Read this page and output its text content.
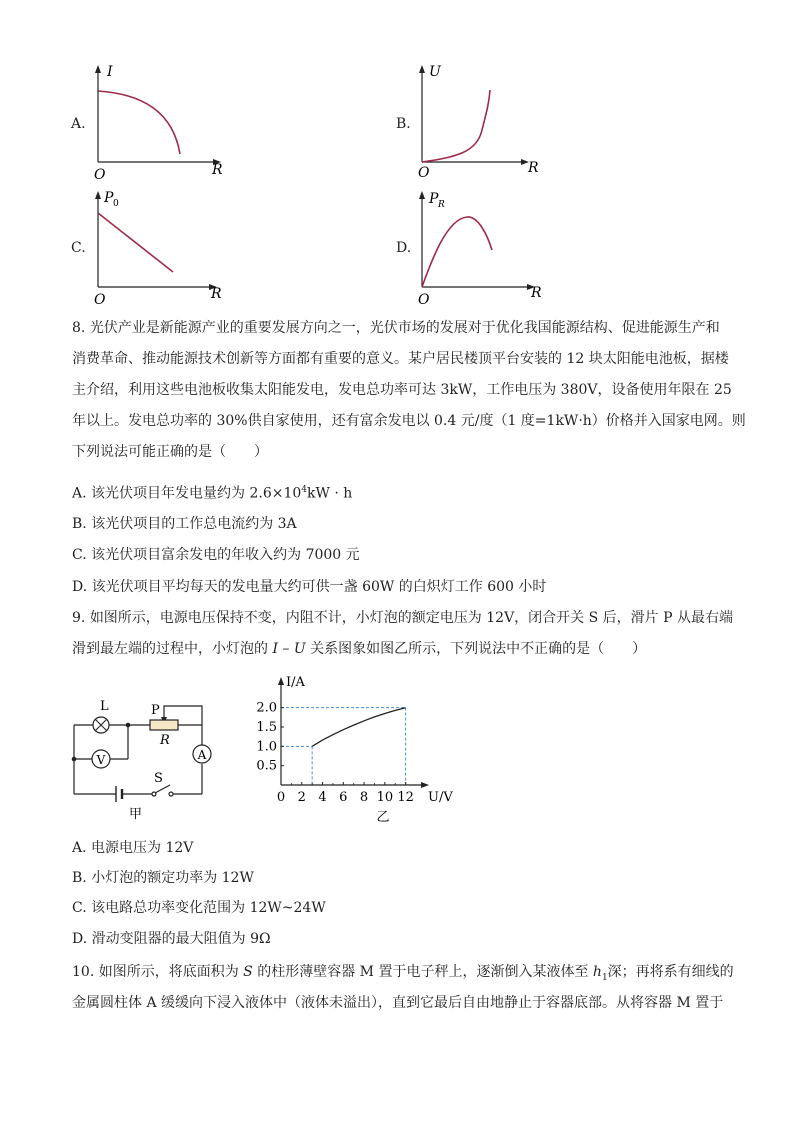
A.
I
R
O
B.
U
R
O
C.
P 0
R
O
D.
P R
R
O
8. 光伏产业是新能源产业的重要发展方向之一，光伏市场的发展对于优化我国能源结构、促进能源生产和
消费革命、推动能源技术创新等方面都有重要的意义。某户居民楼顶平台安装的 12 块太阳能电池板，据楼
主介绍，利用这些电池板收集太阳能发电，发电总功率可达 3kW，工作电压为 380V，设备使用年限在 25
年以上。发电总功率的 30%供自家使用，还有富余发电以 0.4 元/度（1 度=1kW·h）价格并入国家电网。则
下列说法可能正确的是（　　）
A. 该光伏项目年发电量约为 $2.6\times 10^4kW \cdot h$
B. 该光伏项目的工作总电流约为 3A
C. 该光伏项目富余发电的年收入约为 7000 元
D. 该光伏项目平均每天的发电量大约可供一盏 60W 的白炽灯工作 600 小时
9. 如图所示，电源电压保持不变，内阻不计，小灯泡的额定电压为 12V，闭合开关 S 后，滑片 P 从最右端
滑到最左端的过程中，小灯泡的 I – U 关系图象如图乙所示，下列说法中不正确的是（　　）
V	A
L	P
R
S
甲
0 2 4 6 8 10 12
0.5
1.0
1.5
2.0
I/A
U/V
乙
A. 电源电压为 12V
B. 小灯泡的额定功率为 12W
C. 该电路总功率变化范围为 12W~24W
D. 滑动变阻器的最大阻值为 9Ω
10. 如图所示，将底面积为 S 的柱形薄壁容器 M 置于电子秤上，逐渐倒入某液体至 $h_1$深；再将系有细线的
金属圆柱体 A 缓缓向下浸入液体中（液体未溢出），直到它最后自由地静止于容器底部。从将容器 M 置于
